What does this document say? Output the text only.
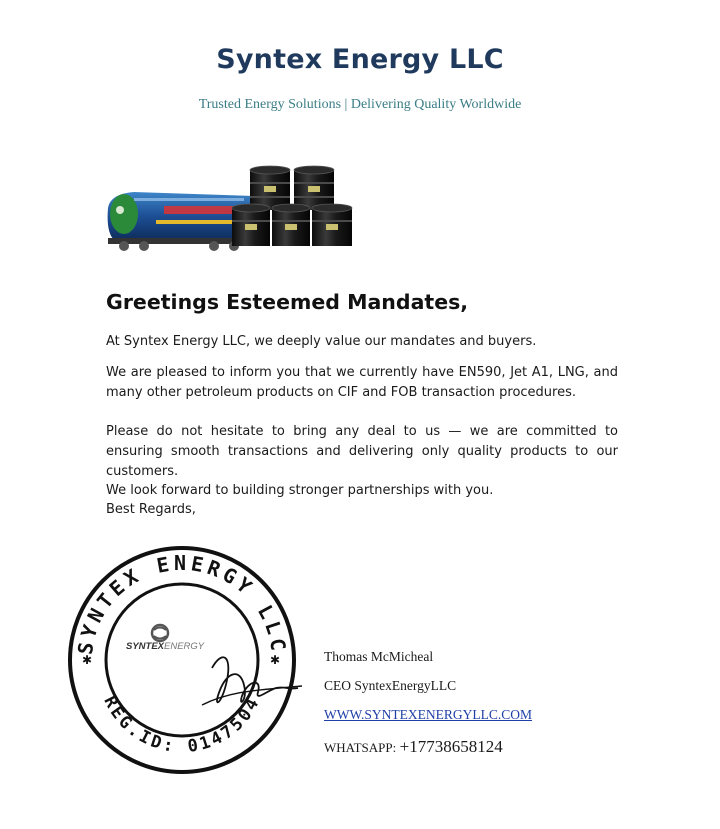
Syntex Energy LLC
Trusted Energy Solutions | Delivering Quality Worldwide
Greetings Esteemed Mandates,
At Syntex Energy LLC, we deeply value our mandates and buyers.
We are pleased to inform you that we currently have EN590, Jet A1, LNG, and many other petroleum products on CIF and FOB transaction procedures.
Please do not hesitate to bring any deal to us — we are committed to ensuring smooth transactions and delivering only quality products to our customers.
We look forward to building stronger partnerships with you.
Best Regards,
SYNTEX ENERGY LLC
REG.ID: 0147504
✱	✱
SYNTEXENERGY
Thomas McMicheal
CEO SyntexEnergyLLC
WWW.SYNTEXENERGYLLC.COM
WHATSAPP: +17738658124
